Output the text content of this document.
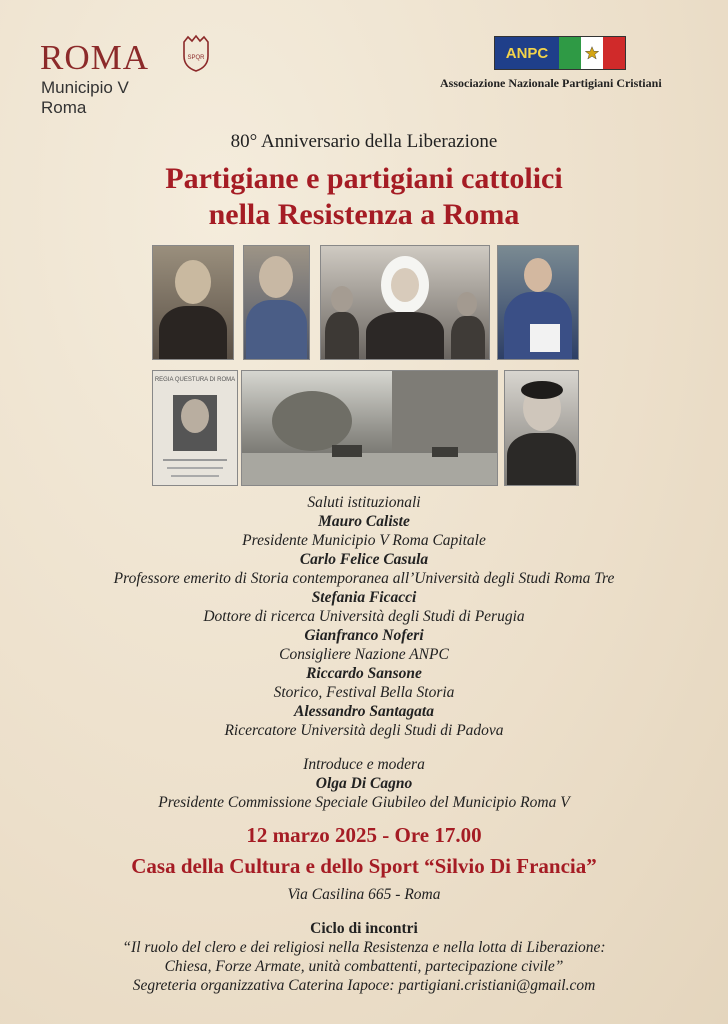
ROMA	SPQR
Municipio V
Roma
ANPC
Associazione Nazionale Partigiani Cristiani
80° Anniversario della Liberazione
Partigiane e partigiani cattolici
nella Resistenza a Roma
REGIA QUESTURA DI ROMA
Saluti istituzionali
Mauro Caliste
Presidente Municipio V Roma Capitale
Carlo Felice Casula
Professore emerito di Storia contemporanea all’Università degli Studi Roma Tre
Stefania Ficacci
Dottore di ricerca Università degli Studi di Perugia
Gianfranco Noferi
Consigliere Nazione ANPC
Riccardo Sansone
Storico, Festival Bella Storia
Alessandro Santagata
Ricercatore Università degli Studi di Padova
Introduce e modera
Olga Di Cagno
Presidente Commissione Speciale Giubileo del Municipio Roma V
12 marzo 2025 - Ore 17.00
Casa della Cultura e dello Sport “Silvio Di Francia”
Via Casilina 665 - Roma
Ciclo di incontri
“Il ruolo del clero e dei religiosi nella Resistenza e nella lotta di Liberazione:
Chiesa, Forze Armate, unità combattenti, partecipazione civile”
Segreteria organizzativa Caterina Iapoce: partigiani.cristiani@gmail.com
